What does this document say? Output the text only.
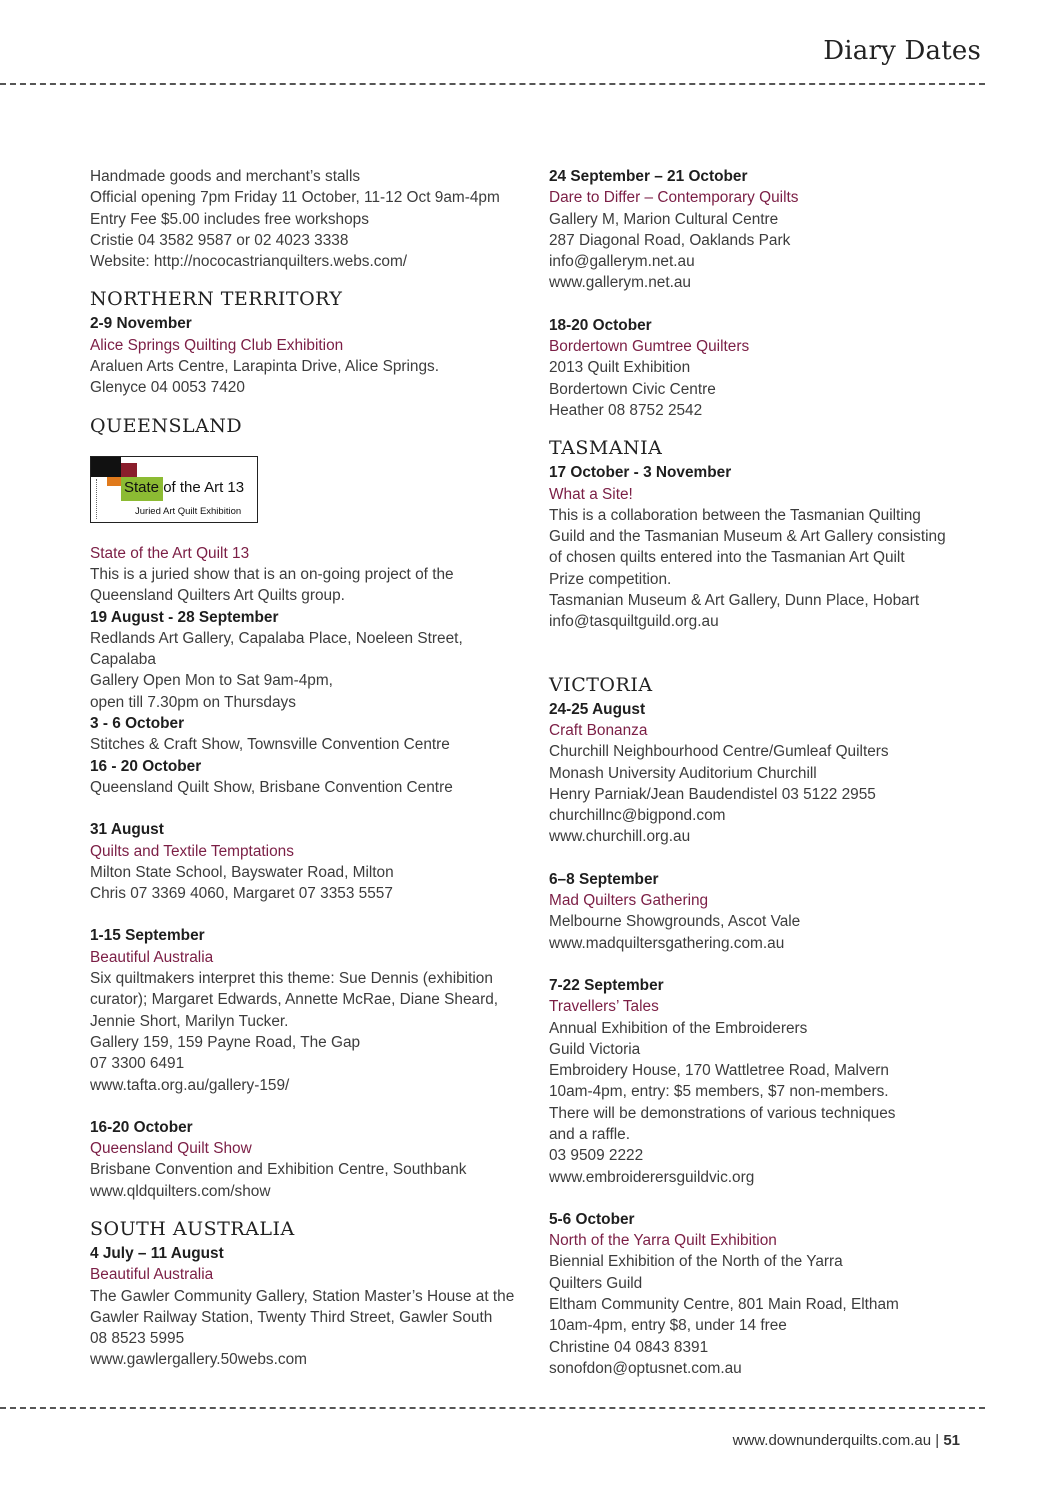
Diary Dates
Handmade goods and merchant’s stalls
Official opening 7pm Friday 11 October, 11-12 Oct 9am-4pm
Entry Fee $5.00 includes free workshops
Cristie 04 3582 9587 or 02 4023 3338
Website: http://nococastrianquilters.webs.com/
NORTHERN TERRITORY
2-9 November
Alice Springs Quilting Club Exhibition
Araluen Arts Centre, Larapinta Drive, Alice Springs.
Glenyce 04 0053 7420
QUEENSLAND
State of the Art 13
Juried Art Quilt Exhibition
State of the Art Quilt 13
This is a juried show that is an on-going project of the
Queensland Quilters Art Quilts group.
19 August - 28 September
Redlands Art Gallery, Capalaba Place, Noeleen Street,
Capalaba
Gallery Open Mon to Sat 9am-4pm,
open till 7.30pm on Thursdays
3 - 6 October
Stitches & Craft Show, Townsville Convention Centre
16 - 20 October
Queensland Quilt Show, Brisbane Convention Centre
31 August
Quilts and Textile Temptations
Milton State School, Bayswater Road, Milton
Chris 07 3369 4060, Margaret 07 3353 5557
1-15 September
Beautiful Australia
Six quiltmakers interpret this theme: Sue Dennis (exhibition
curator); Margaret Edwards, Annette McRae, Diane Sheard,
Jennie Short, Marilyn Tucker.
Gallery 159, 159 Payne Road, The Gap
07 3300 6491
www.tafta.org.au/gallery-159/
16-20 October
Queensland Quilt Show
Brisbane Convention and Exhibition Centre, Southbank
www.qldquilters.com/show
SOUTH AUSTRALIA
4 July – 11 August
Beautiful Australia
The Gawler Community Gallery, Station Master’s House at the
Gawler Railway Station, Twenty Third Street, Gawler South
08 8523 5995
www.gawlergallery.50webs.com
24 September – 21 October
Dare to Differ – Contemporary Quilts
Gallery M, Marion Cultural Centre
287 Diagonal Road, Oaklands Park
info@gallerym.net.au
www.gallerym.net.au
18-20 October
Bordertown Gumtree Quilters
2013 Quilt Exhibition
Bordertown Civic Centre
Heather 08 8752 2542
TASMANIA
17 October - 3 November
What a Site!
This is a collaboration between the Tasmanian Quilting
Guild and the Tasmanian Museum & Art Gallery consisting
of chosen quilts entered into the Tasmanian Art Quilt
Prize competition.
Tasmanian Museum & Art Gallery, Dunn Place, Hobart
info@tasquiltguild.org.au
VICTORIA
24-25 August
Craft Bonanza
Churchill Neighbourhood Centre/Gumleaf Quilters
Monash University Auditorium Churchill
Henry Parniak/Jean Baudendistel 03 5122 2955
churchillnc@bigpond.com
www.churchill.org.au
6–8 September
Mad Quilters Gathering
Melbourne Showgrounds, Ascot Vale
www.madquiltersgathering.com.au
7-22 September
Travellers’ Tales
Annual Exhibition of the Embroiderers
Guild Victoria
Embroidery House, 170 Wattletree Road, Malvern
10am-4pm, entry: $5 members, $7 non-members.
There will be demonstrations of various techniques
and a raffle.
03 9509 2222
www.embroiderersguildvic.org
5-6 October
North of the Yarra Quilt Exhibition
Biennial Exhibition of the North of the Yarra
Quilters Guild
Eltham Community Centre, 801 Main Road, Eltham
10am-4pm, entry $8, under 14 free
Christine 04 0843 8391
sonofdon@optusnet.com.au
www.downunderquilts.com.au | 51
